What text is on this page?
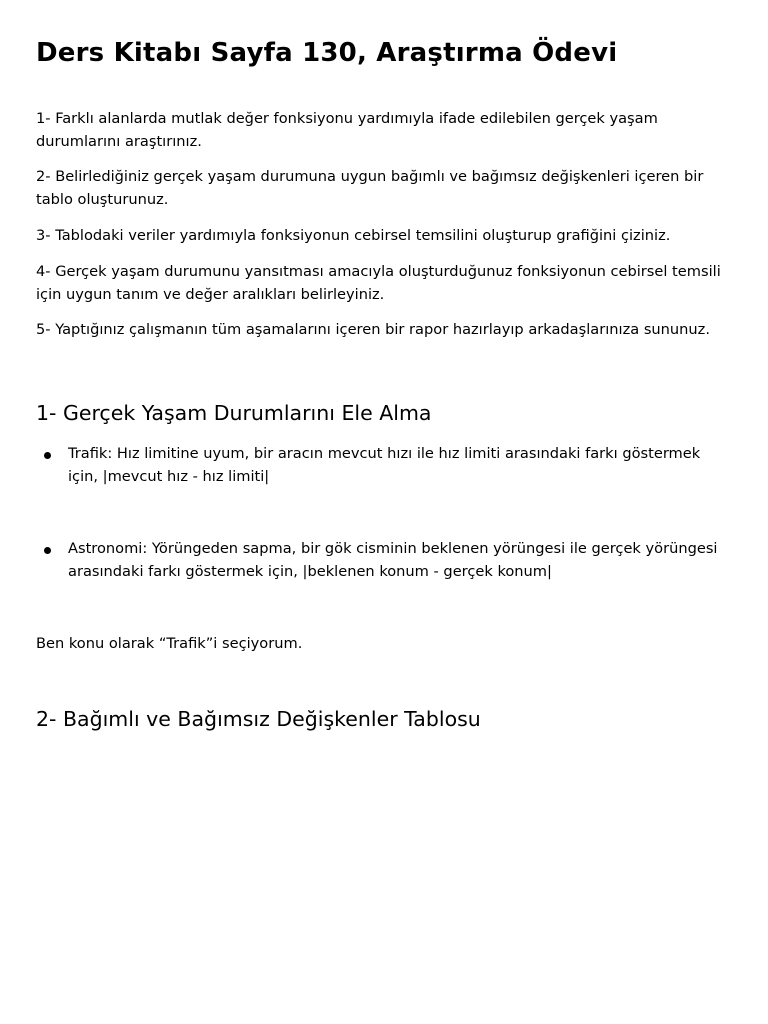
Ders Kitabı Sayfa 130, Araştırma Ödevi

1- Farklı alanlarda mutlak değer fonksiyonu yardımıyla ifade edilebilen gerçek yaşam durumlarını araştırınız.

2- Belirlediğiniz gerçek yaşam durumuna uygun bağımlı ve bağımsız değişkenleri içeren bir tablo oluşturunuz.

3- Tablodaki veriler yardımıyla fonksiyonun cebirsel temsilini oluşturup grafiğini çiziniz.

4- Gerçek yaşam durumunu yansıtması amacıyla oluşturduğunuz fonksiyonun cebirsel temsili için uygun tanım ve değer aralıkları belirleyiniz.

5- Yaptığınız çalışmanın tüm aşamalarını içeren bir rapor hazırlayıp arkadaşlarınıza sununuz.

1- Gerçek Yaşam Durumlarını Ele Alma

Trafik: Hız limitine uyum, bir aracın mevcut hızı ile hız limiti arasındaki farkı göstermek için, |mevcut hız - hız limiti|

Astronomi: Yörüngeden sapma, bir gök cisminin beklenen yörüngesi ile gerçek yörüngesi arasındaki farkı göstermek için, |beklenen konum - gerçek konum|

Ben konu olarak “Trafik”i seçiyorum.

2- Bağımlı ve Bağımsız Değişkenler Tablosu
